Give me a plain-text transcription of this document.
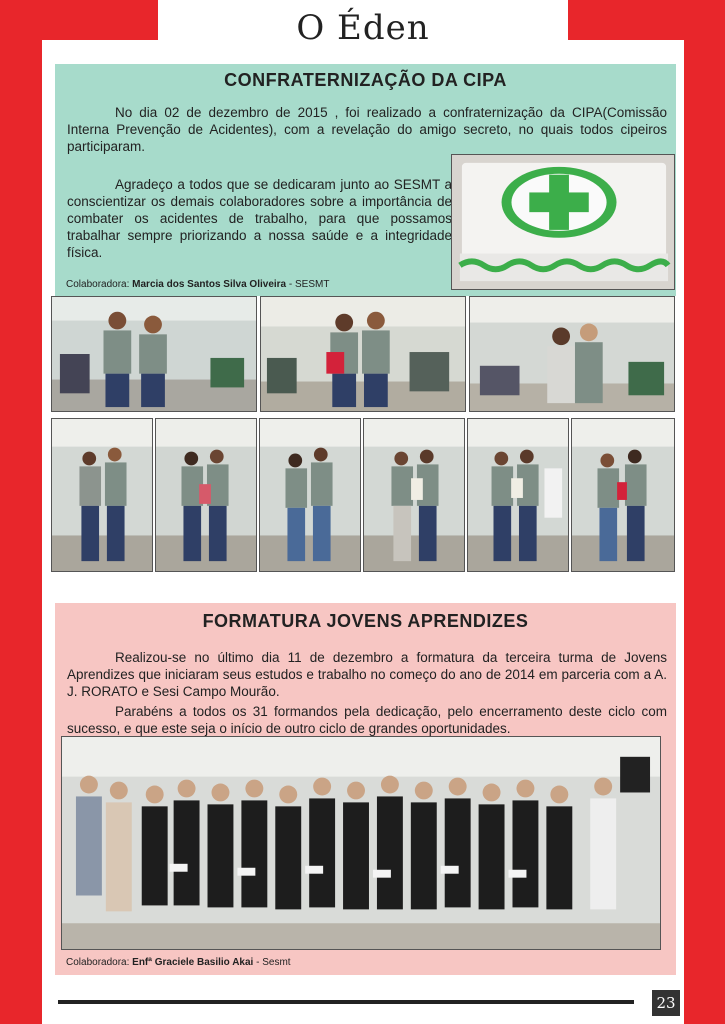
O Éden
CONFRATERNIZAÇÃO DA CIPA

No dia 02 de dezembro de 2015 , foi realizado a confraternização da CIPA(Comissão Interna Prevenção de Acidentes), com a revelação do amigo secreto, no quais todos cipeiros participaram.

Agradeço a todos que se dedicaram junto ao SESMT a conscientizar os demais colaboradores sobre a importância de combater os acidentes de trabalho, para que possamos trabalhar sempre priorizando a nossa saúde e a integridade física.

Colaboradora: Marcia dos Santos Silva Oliveira - SESMT
FORMATURA JOVENS APRENDIZES

Realizou-se no último dia 11 de dezembro a formatura da terceira turma de Jovens Aprendizes que iniciaram seus estudos e trabalho no começo do ano de 2014 em parceria com a A. J. RORATO e Sesi Campo Mourão.

Parabéns a todos os 31 formandos pela dedicação, pelo encerramento deste ciclo com sucesso, e que este seja o início de outro ciclo de grandes oportunidades.

Colaboradora: Enfª Graciele Basilio Akai - Sesmt
23
